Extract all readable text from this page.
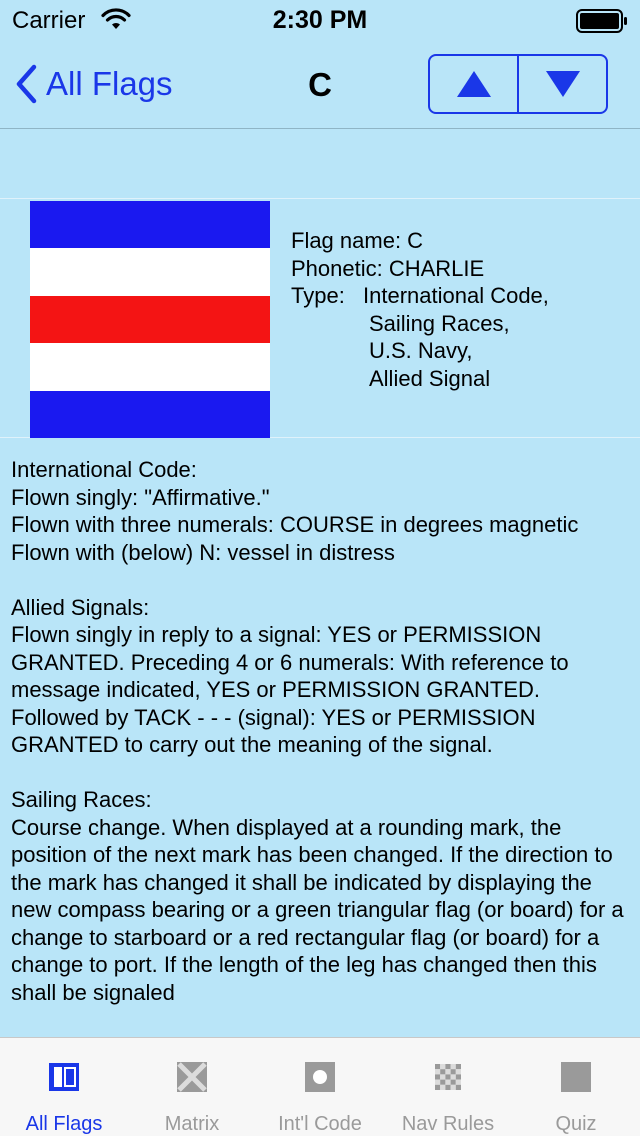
Carrier	2:30 PM
All Flags	C
Flag name: C
Phonetic: CHARLIE
Type: International Code,
Sailing Races,
U.S. Navy,
Allied Signal
International Code:
Flown singly: "Affirmative."
Flown with three numerals: COURSE in degrees magnetic
Flown with (below) N: vessel in distress
Allied Signals:
Flown singly in reply to a signal: YES or PERMISSION GRANTED. Preceding 4 or 6 numerals: With reference to message indicated, YES or PERMISSION GRANTED.
Followed by TACK - - - (signal): YES or PERMISSION GRANTED to carry out the meaning of the signal.
Sailing Races:
Course change. When displayed at a rounding mark, the position of the next mark has been changed. If the direction to the mark has changed it shall be indicated by displaying the new compass bearing or a green triangular flag (or board) for a change to starboard or a red rectangular flag (or board) for a change to port. If the length of the leg has changed then this shall be signaled
All Flags	Matrix	Int'l Code Nav Rules	Quiz
